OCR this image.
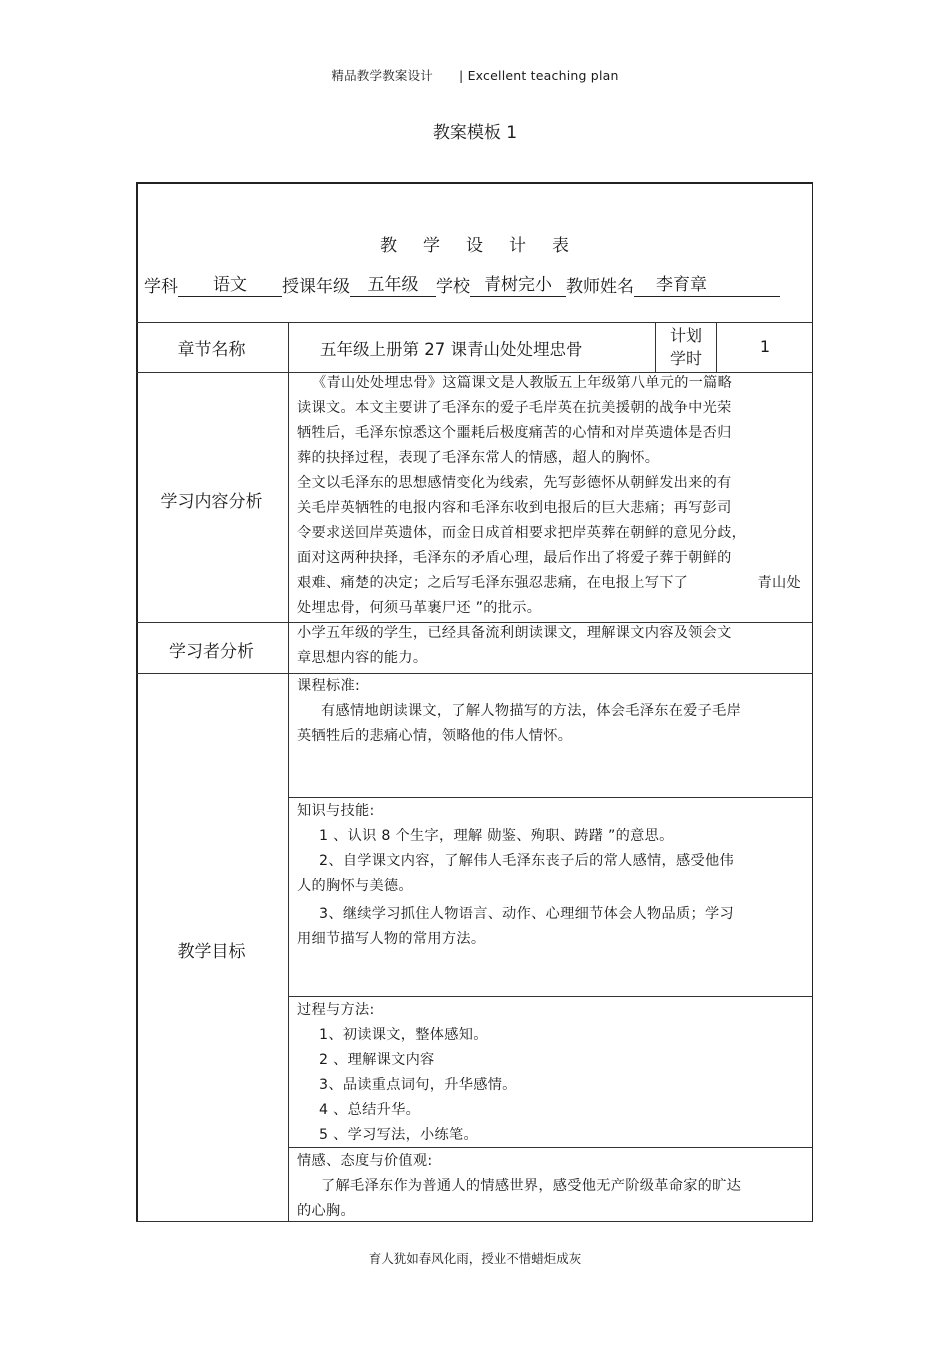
精品教学教案设计 | Excellent teaching plan
教案模板 1
教学设计表
学科 语文 授课年级 五年级 学校 青树完小 教师姓名 李育章
章节名称	五年级上册第 27 课青山处处埋忠骨
计划
学时
1
学习内容分析
《青山处处埋忠骨》这篇课文是人教版五上年级第八单元的一篇略
读课文。本文主要讲了毛泽东的爱子毛岸英在抗美援朝的战争中光荣
牺牲后，毛泽东惊悉这个噩耗后极度痛苦的心情和对岸英遗体是否归
葬的抉择过程，表现了毛泽东常人的情感，超人的胸怀。
全文以毛泽东的思想感情变化为线索，先写彭德怀从朝鲜发出来的有
关毛岸英牺牲的电报内容和毛泽东收到电报后的巨大悲痛；再写彭司
令要求送回岸英遗体，而金日成首相要求把岸英葬在朝鲜的意见分歧，
面对这两种抉择，毛泽东的矛盾心理，最后作出了将爱子葬于朝鲜的
艰难、痛楚的决定；之后写毛泽东强忍悲痛，在电报上写下了	青山处
处埋忠骨，何须马革裹尸还 ”的批示。
学习者分析
小学五年级的学生，已经具备流利朗读课文，理解课文内容及领会文
章思想内容的能力。
教学目标
课程标准:
有感情地朗读课文，了解人物描写的方法，体会毛泽东在爱子毛岸
英牺牲后的悲痛心情，领略他的伟人情怀。
知识与技能:
1 、认识 8 个生字，理解 勋鉴、殉职、踌躇 ”的意思。
2、自学课文内容，了解伟人毛泽东丧子后的常人感情，感受他伟
人的胸怀与美德。
3、继续学习抓住人物语言、动作、心理细节体会人物品质；学习
用细节描写人物的常用方法。
过程与方法:
1、初读课文，整体感知。
2 、理解课文内容
3、品读重点词句，升华感情。
4 、总结升华。
5 、学习写法，小练笔。
情感、态度与价值观:
了解毛泽东作为普通人的情感世界，感受他无产阶级革命家的旷达
的心胸。
育人犹如春风化雨，授业不惜蜡炬成灰
